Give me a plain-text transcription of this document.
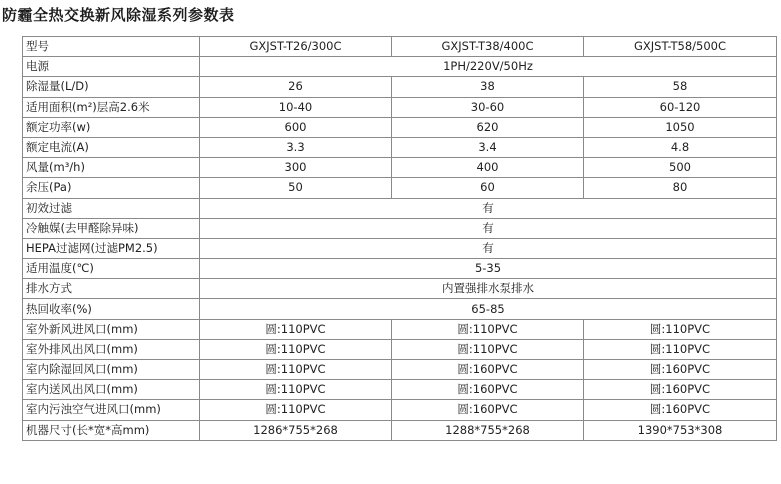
防霾全热交换新风除湿系列参数表
型号	GXJST-T26/300C	GXJST-T38/400C	GXJST-T58/500C
电源	1PH/220V/50Hz		
除湿量(L/D)	26	38	58
适用面积(m²)层高2.6米	10-40	30-60	60-120
额定功率(w)	600	620	1050
额定电流(A)	3.3	3.4	4.8
风量(m³/h)	300	400	500
余压(Pa)	50	60	80
初效过滤	有		
冷触媒(去甲醛除异味)	有		
HEPA过滤网(过滤PM2.5)	有		
适用温度(℃)	5-35		
排水方式	内置强排水泵排水		
热回收率(%)	65-85		
室外新风进风口(mm)	圆:110PVC	圆:110PVC	圆:110PVC
室外排风出风口(mm)	圆:110PVC	圆:110PVC	圆:110PVC
室内除湿回风口(mm)	圆:110PVC	圆:160PVC	圆:160PVC
室内送风出风口(mm)	圆:110PVC	圆:160PVC	圆:160PVC
室内污浊空气进风口(mm)	圆:110PVC	圆:160PVC	圆:160PVC
机器尺寸(长*宽*高mm)	1286*755*268	1288*755*268	1390*753*308
